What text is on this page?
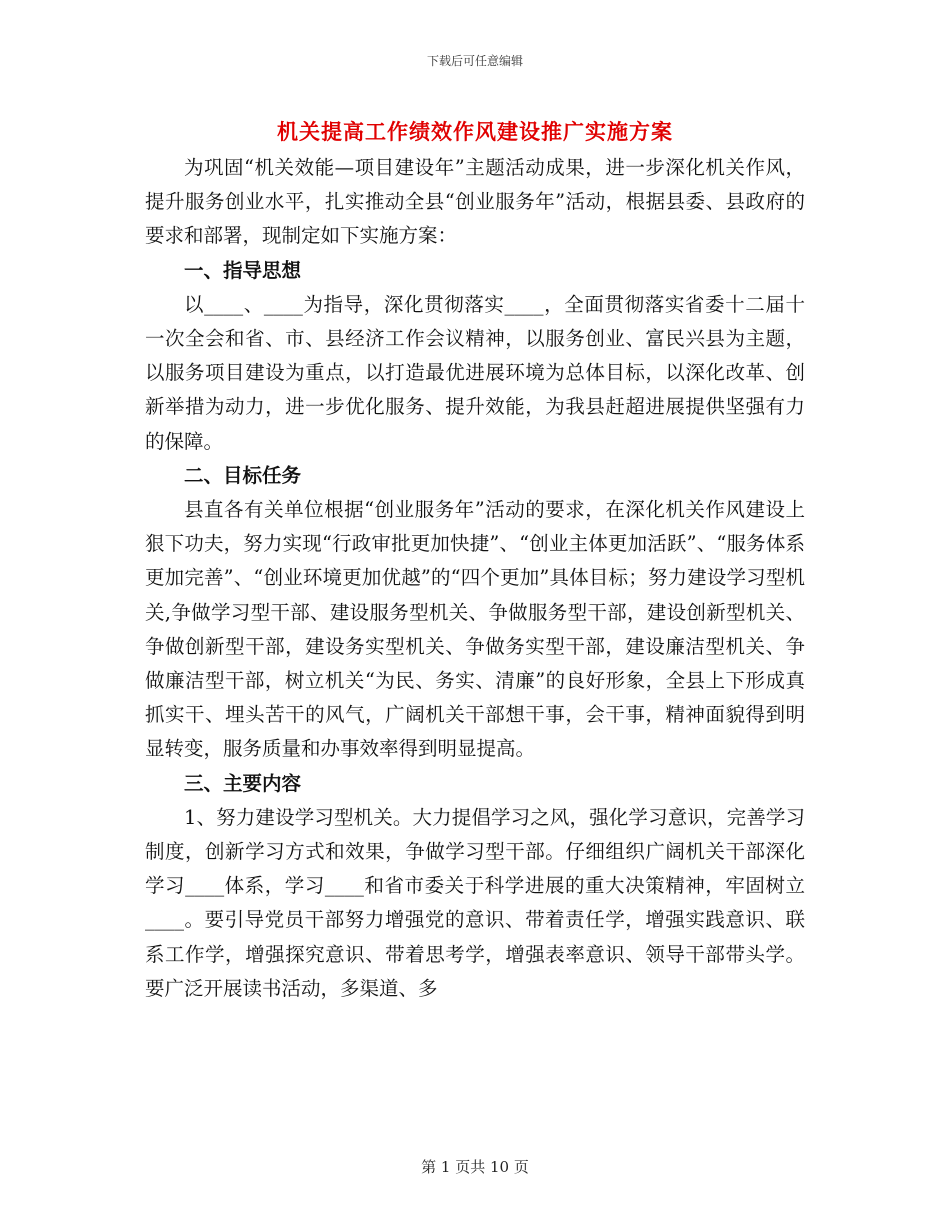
下载后可任意编辑
机关提高工作绩效作风建设推广实施方案

为巩固“机关效能—项目建设年”主题活动成果，进一步深化机关作风，提升服务创业水平，扎实推动全县“创业服务年”活动，根据县委、县政府的要求和部署，现制定如下实施方案：

一、指导思想

以____、____为指导，深化贯彻落实____，全面贯彻落实省委十二届十一次全会和省、市、县经济工作会议精神，以服务创业、富民兴县为主题，以服务项目建设为重点，以打造最优进展环境为总体目标，以深化改革、创新举措为动力，进一步优化服务、提升效能，为我县赶超进展提供坚强有力的保障。

二、目标任务

县直各有关单位根据“创业服务年”活动的要求，在深化机关作风建设上狠下功夫，努力实现“行政审批更加快捷”、“创业主体更加活跃”、“服务体系更加完善”、“创业环境更加优越”的“四个更加”具体目标；努力建设学习型机关,争做学习型干部、建设服务型机关、争做服务型干部，建设创新型机关、争做创新型干部，建设务实型机关、争做务实型干部，建设廉洁型机关、争做廉洁型干部，树立机关“为民、务实、清廉”的良好形象，全县上下形成真抓实干、埋头苦干的风气，广阔机关干部想干事，会干事，精神面貌得到明显转变，服务质量和办事效率得到明显提高。

三、主要内容

1、努力建设学习型机关。大力提倡学习之风，强化学习意识，完善学习制度，创新学习方式和效果，争做学习型干部。仔细组织广阔机关干部深化学习____体系，学习____和省市委关于科学进展的重大决策精神，牢固树立____。要引导党员干部努力增强党的意识、带着责任学，增强实践意识、联系工作学，增强探究意识、带着思考学，增强表率意识、领导干部带头学。要广泛开展读书活动，多渠道、多

第 1 页共 10 页
